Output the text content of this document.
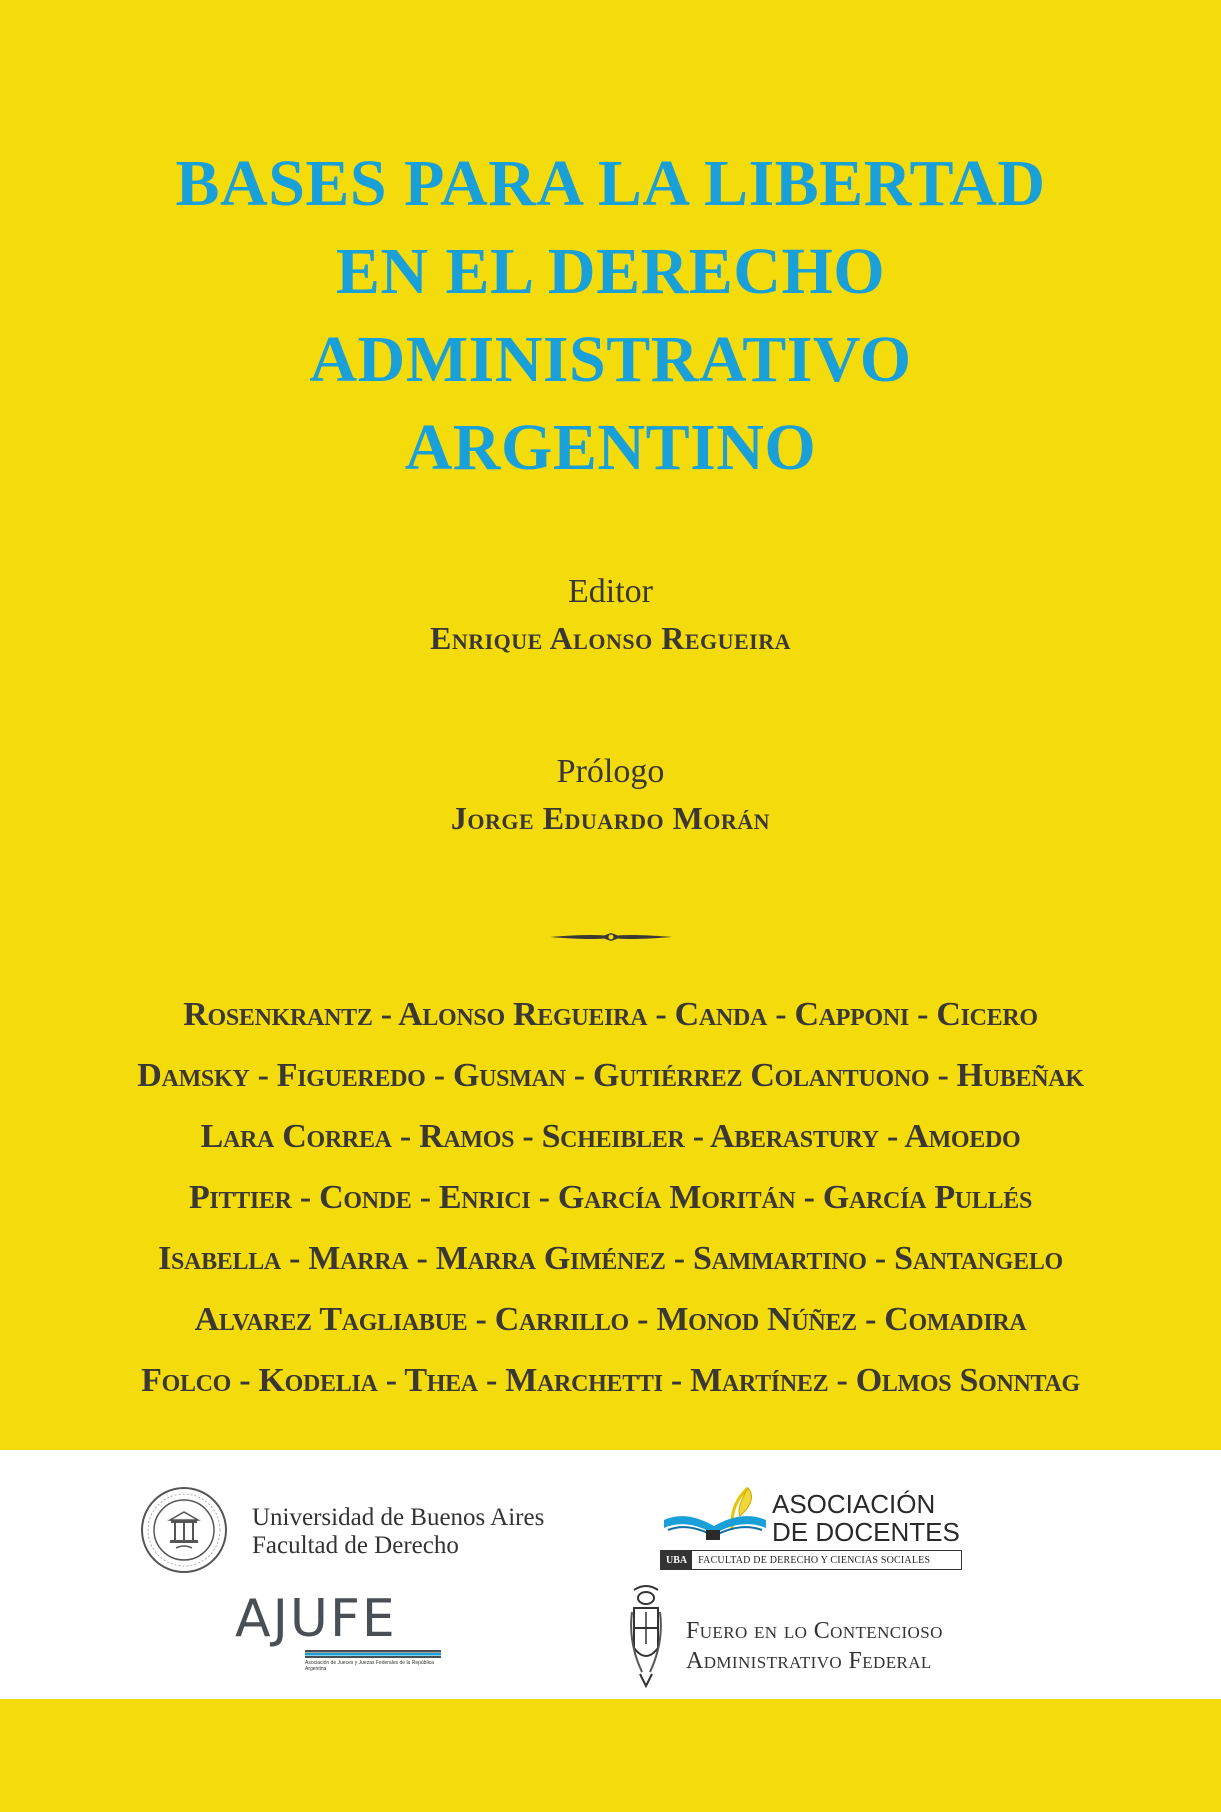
BASES PARA LA LIBERTAD
EN EL DERECHO
ADMINISTRATIVO
ARGENTINO
Editor
Enrique Alonso Regueira
Prólogo
Jorge Eduardo Morán
Rosenkrantz - Alonso Regueira - Canda - Capponi - Cicero
Damsky - Figueredo - Gusman - Gutiérrez Colantuono - Hubeñak
Lara Correa - Ramos - Scheibler - Aberastury - Amoedo
Pittier - Conde - Enrici - García Moritán - García Pullés
Isabella - Marra - Marra Giménez - Sammartino - Santangelo
Alvarez Tagliabue - Carrillo - Monod Núñez - Comadira
Folco - Kodelia - Thea - Marchetti - Martínez - Olmos Sonntag
Universidad de Buenos Aires
Facultad de Derecho
ASOCIACIÓN
DE DOCENTES
UBA	FACULTAD DE DERECHO Y CIENCIAS SOCIALES
AJUFE
Asociación de Jueces y Juezas Federales de la República Argentina
Fuero en lo Contencioso
Administrativo Federal
